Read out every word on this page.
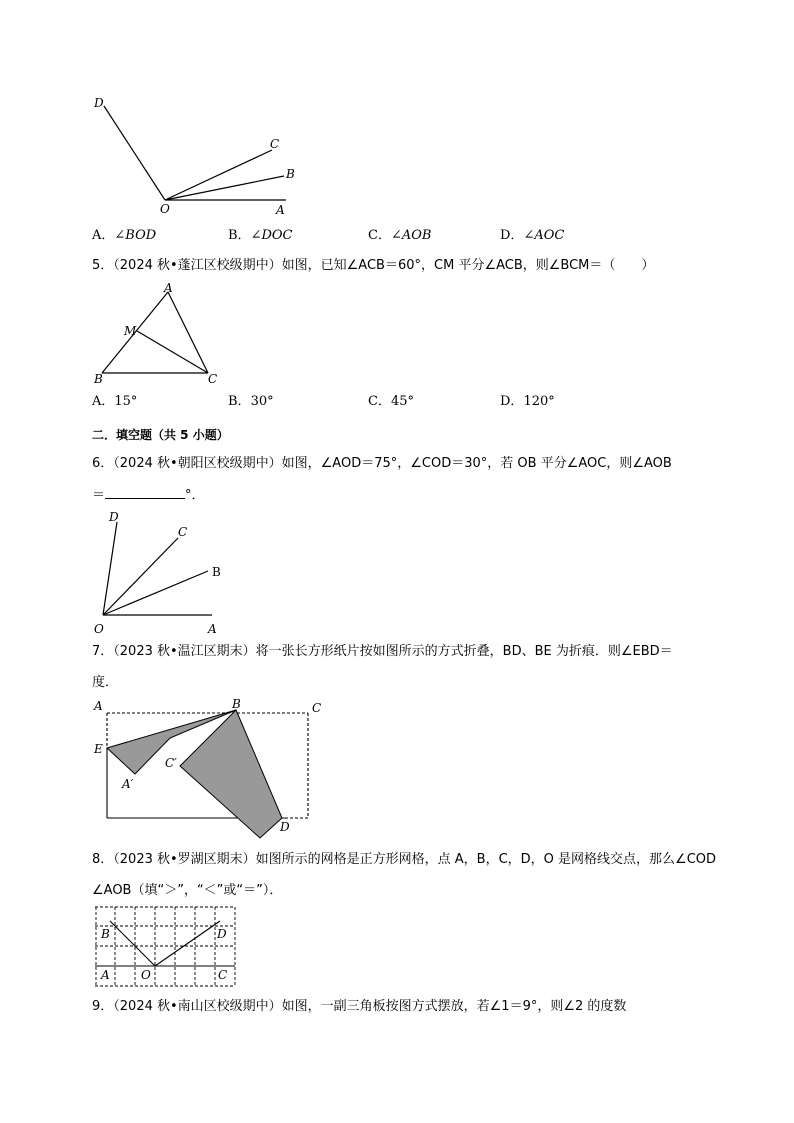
D
C
B
O	A
A．∠BOD	B．∠DOC	C．∠AOB	D．∠AOC
5．（2024 秋•蓬江区校级期中）如图，已知∠ACB＝60°，CM 平分∠ACB，则∠BCM＝（　　）
A
M
B	C
A．15°	B．30°	C．45°	D．120°
二．填空题（共 5 小题）
6．（2024 秋•朝阳区校级期中）如图，∠AOD＝75°，∠COD＝30°，若 OB 平分∠AOC，则∠AOB
＝	°．
D
C
B
O	A
7．（2023 秋•温江区期末）将一张长方形纸片按如图所示的方式折叠，BD、BE 为折痕．则∠EBD＝
度．
A	B	C
E
C′
A′
D
8．（2023 秋•罗湖区期末）如图所示的网格是正方形网格，点 A，B，C，D，O 是网格线交点，那么∠COD
∠AOB（填“＞”，“＜”或“＝”）．
B	D
A	O	C
9．（2024 秋•南山区校级期中）如图，一副三角板按图方式摆放，若∠1＝9°，则∠2 的度数
